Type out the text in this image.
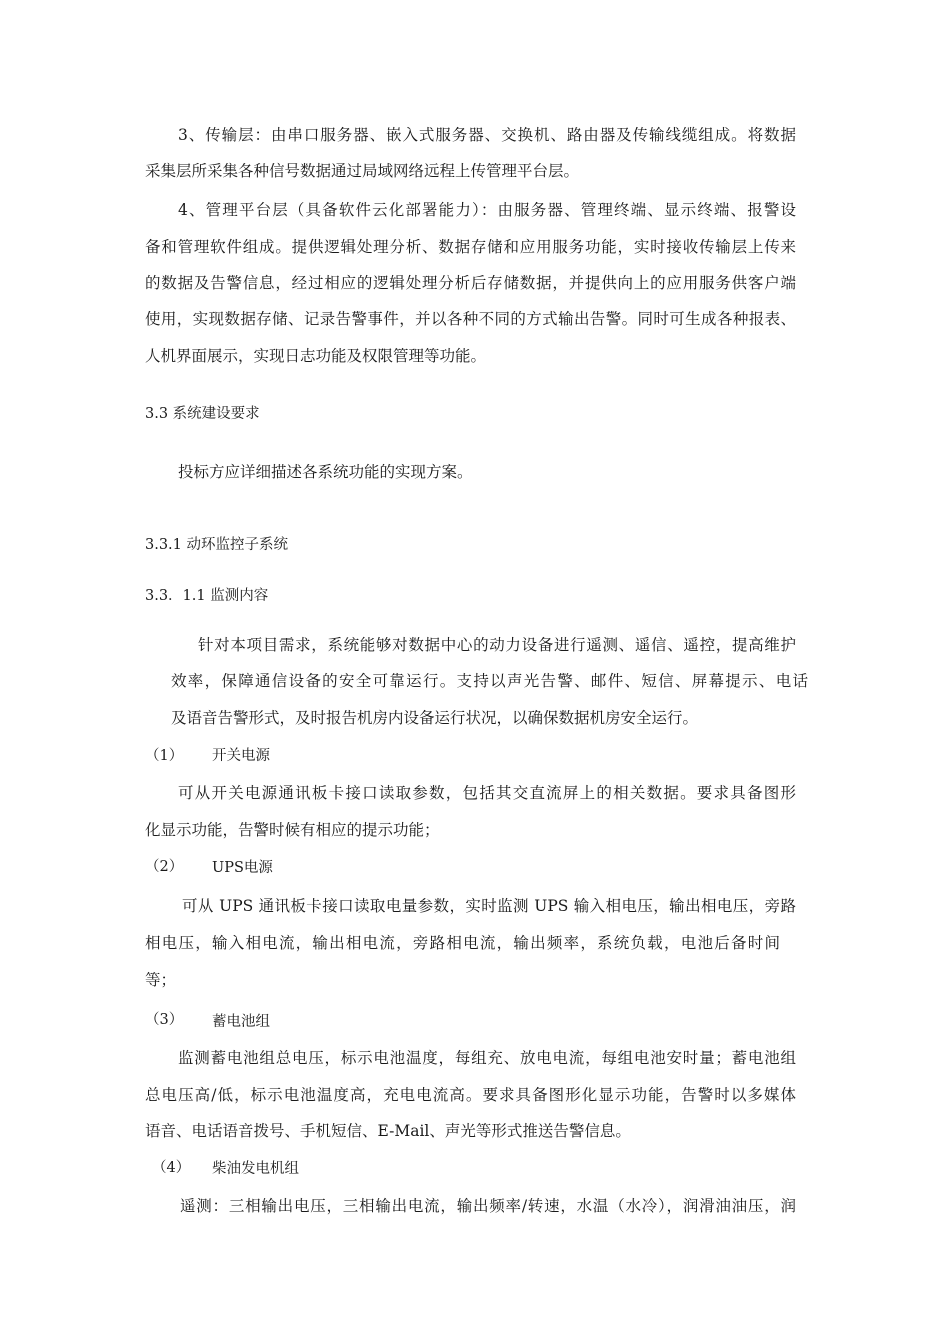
3、传输层：由串口服务器、嵌入式服务器、交换机、路由器及传输线缆组成。将数据
采集层所采集各种信号数据通过局域网络远程上传管理平台层。
4、管理平台层（具备软件云化部署能力）：由服务器、管理终端、显示终端、报警设
备和管理软件组成。提供逻辑处理分析、数据存储和应用服务功能，实时接收传输层上传来
的数据及告警信息，经过相应的逻辑处理分析后存储数据，并提供向上的应用服务供客户端
使用，实现数据存储、记录告警事件，并以各种不同的方式输出告警。同时可生成各种报表、
人机界面展示，实现日志功能及权限管理等功能。
3.3 系统建设要求
投标方应详细描述各系统功能的实现方案。
3.3.1 动环监控子系统
3.3．1.1 监测内容
针对本项目需求，系统能够对数据中心的动力设备进行遥测、遥信、遥控，提高维护
效率，保障通信设备的安全可靠运行。支持以声光告警、邮件、短信、屏幕提示、电话
及语音告警形式，及时报告机房内设备运行状况，以确保数据机房安全运行。
（1） 开关电源
可从开关电源通讯板卡接口读取参数，包括其交直流屏上的相关数据。要求具备图形
化显示功能，告警时候有相应的提示功能；
（2） UPS电源
可从 UPS 通讯板卡接口读取电量参数，实时监测 UPS 输入相电压，输出相电压，旁路
相电压，输入相电流，输出相电流，旁路相电流，输出频率，系统负载，电池后备时间
等；
（3） 蓄电池组
监测蓄电池组总电压，标示电池温度，每组充、放电电流，每组电池安时量；蓄电池组
总电压高/低，标示电池温度高，充电电流高。要求具备图形化显示功能，告警时以多媒体
语音、电话语音拨号、手机短信、E-Mail、声光等形式推送告警信息。
（4） 柴油发电机组
遥测：三相输出电压，三相输出电流，输出频率/转速，水温（水冷），润滑油油压，润
